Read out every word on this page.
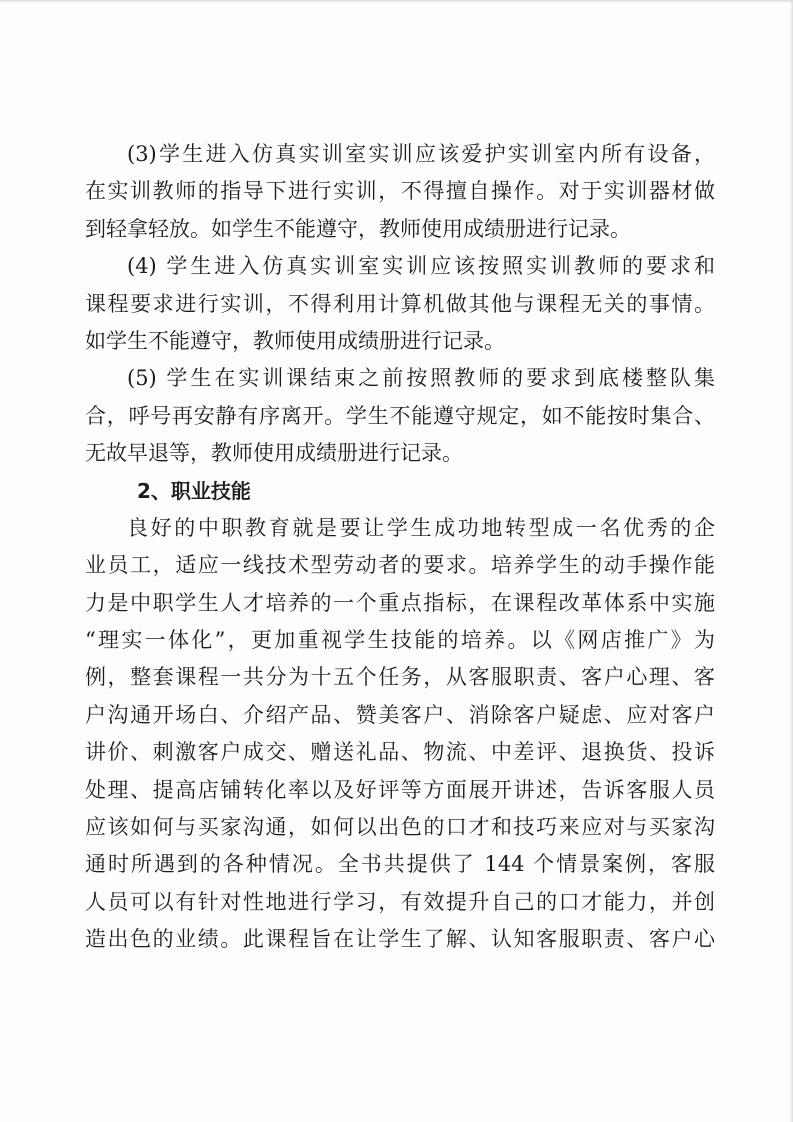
(3)学生进入仿真实训室实训应该爱护实训室内所有设备，
在实训教师的指导下进行实训，不得擅自操作。对于实训器材做
到轻拿轻放。如学生不能遵守，教师使用成绩册进行记录。
(4) 学生进入仿真实训室实训应该按照实训教师的要求和
课程要求进行实训，不得利用计算机做其他与课程无关的事情。
如学生不能遵守，教师使用成绩册进行记录。
(5) 学生在实训课结束之前按照教师的要求到底楼整队集
合，呼号再安静有序离开。学生不能遵守规定，如不能按时集合、
无故早退等，教师使用成绩册进行记录。
2、职业技能
良好的中职教育就是要让学生成功地转型成一名优秀的企
业员工，适应一线技术型劳动者的要求。培养学生的动手操作能
力是中职学生人才培养的一个重点指标，在课程改革体系中实施
“理实一体化”，更加重视学生技能的培养。以《网店推广》为
例，整套课程一共分为十五个任务，从客服职责、客户心理、客
户沟通开场白、介绍产品、赞美客户、消除客户疑虑、应对客户
讲价、刺激客户成交、赠送礼品、物流、中差评、退换货、投诉
处理、提高店铺转化率以及好评等方面展开讲述，告诉客服人员
应该如何与买家沟通，如何以出色的口才和技巧来应对与买家沟
通时所遇到的各种情况。全书共提供了 144 个情景案例，客服
人员可以有针对性地进行学习，有效提升自己的口才能力，并创
造出色的业绩。此课程旨在让学生了解、认知客服职责、客户心
